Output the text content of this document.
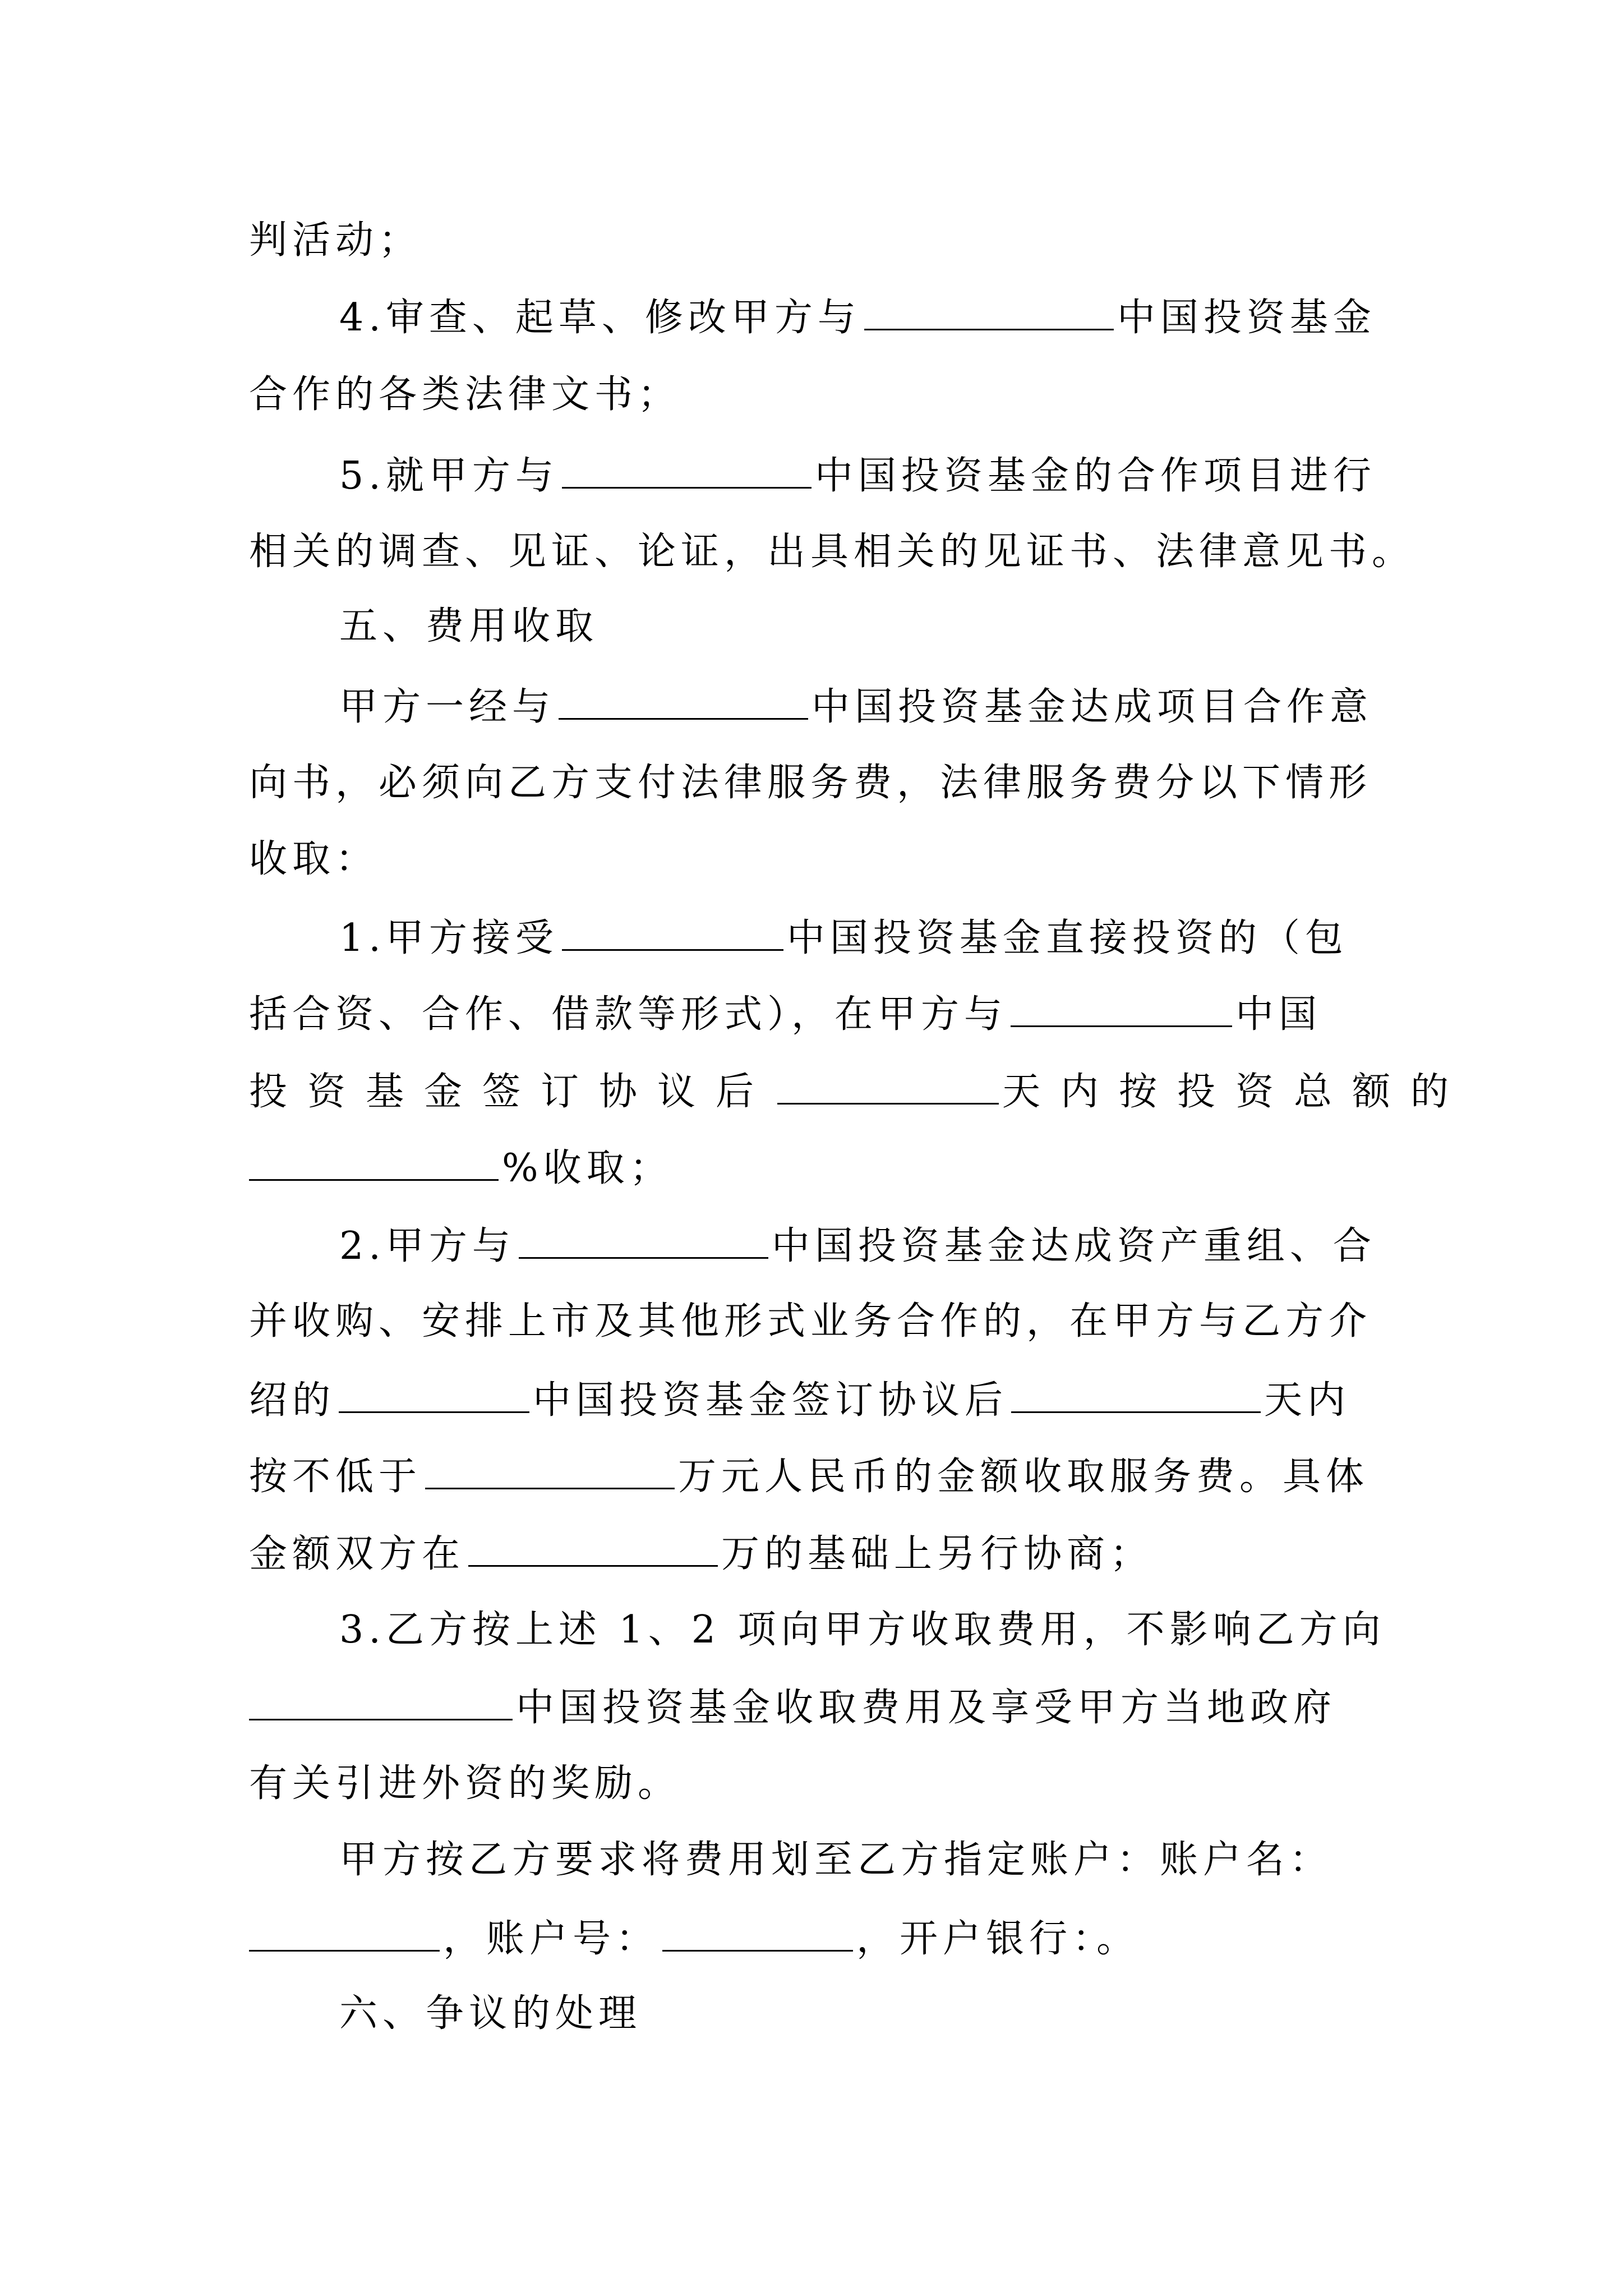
判活动；
4.审查、起草、修改甲方与	中国投资基金
合作的各类法律文书；
5.就甲方与	中国投资基金的合作项目进行
相关的调查、见证、论证，出具相关的见证书、法律意见书。
五、费用收取
甲方一经与	中国投资基金达成项目合作意
向书，必须向乙方支付法律服务费，法律服务费分以下情形
收取：
1.甲方接受	中国投资基金直接投资的（包
括合资、合作、借款等形式），在甲方与	中国
投资基金签订协议后	天内按投资总额的
%收取；
2.甲方与	中国投资基金达成资产重组、合
并收购、安排上市及其他形式业务合作的，在甲方与乙方介
绍的	中国投资基金签订协议后	天内
按不低于	万元人民币的金额收取服务费。具体
金额双方在	万的基础上另行协商；
3.乙方按上述 1、2 项向甲方收取费用，不影响乙方向
中国投资基金收取费用及享受甲方当地政府
有关引进外资的奖励。
甲方按乙方要求将费用划至乙方指定账户：账户名：
，账户号：	，开户银行：。
六、争议的处理
